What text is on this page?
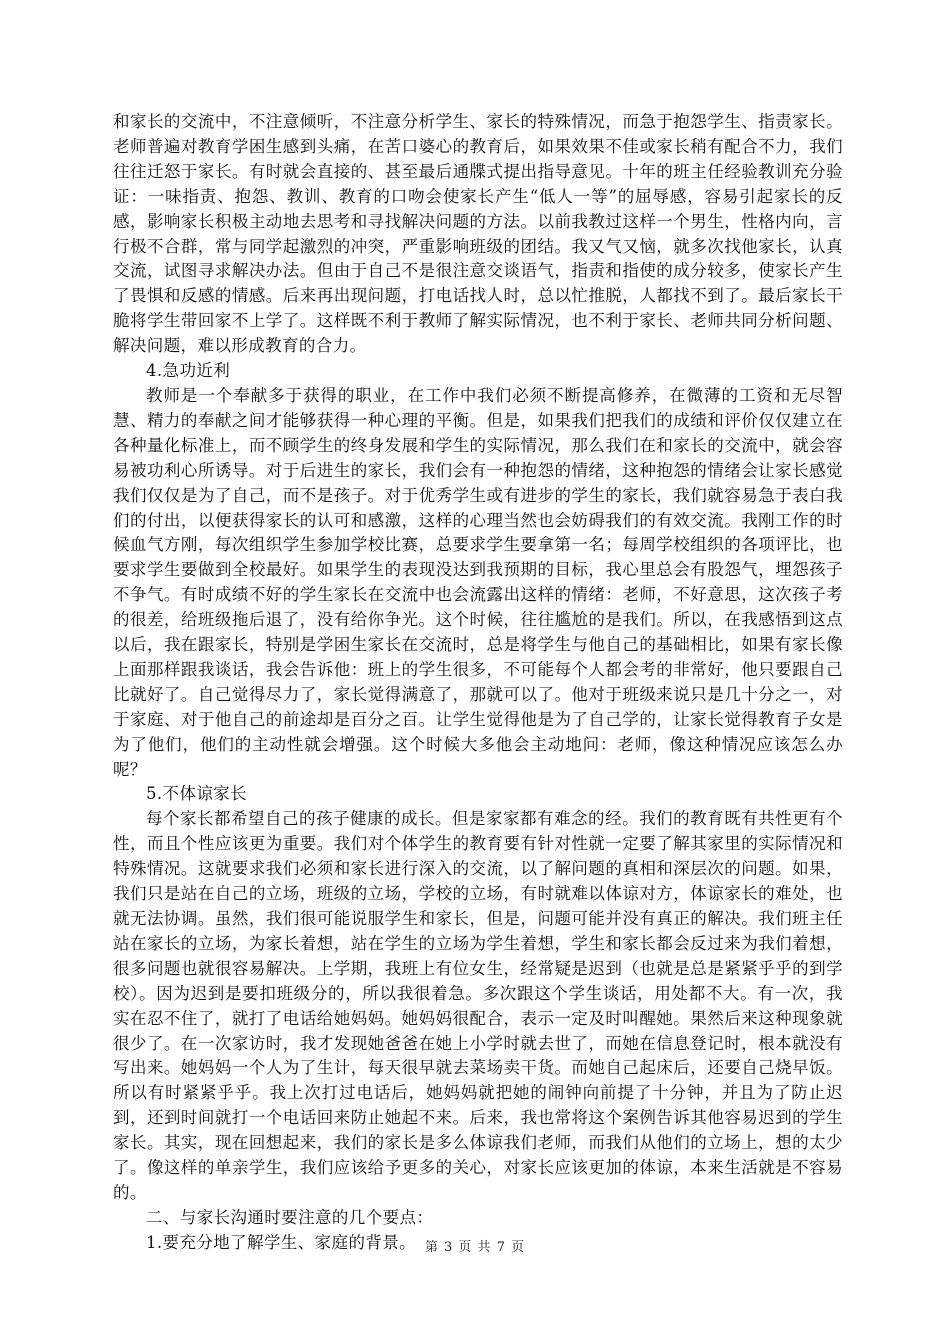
和家长的交流中，不注意倾听，不注意分析学生、家长的特殊情况，而急于抱怨学生、指责家长。老师普遍对教育学困生感到头痛，在苦口婆心的教育后，如果效果不佳或家长稍有配合不力，我们往往迁怒于家长。有时就会直接的、甚至最后通牒式提出指导意见。十年的班主任经验教训充分验证：一味指责、抱怨、教训、教育的口吻会使家长产生“低人一等”的屈辱感，容易引起家长的反感，影响家长积极主动地去思考和寻找解决问题的方法。以前我教过这样一个男生，性格内向，言行极不合群，常与同学起激烈的冲突，严重影响班级的团结。我又气又恼，就多次找他家长，认真交流，试图寻求解决办法。但由于自己不是很注意交谈语气，指责和指使的成分较多，使家长产生了畏惧和反感的情感。后来再出现问题，打电话找人时，总以忙推脱，人都找不到了。最后家长干脆将学生带回家不上学了。这样既不利于教师了解实际情况，也不利于家长、老师共同分析问题、解决问题，难以形成教育的合力。

4.急功近利

教师是一个奉献多于获得的职业，在工作中我们必须不断提高修养，在微薄的工资和无尽智慧、精力的奉献之间才能够获得一种心理的平衡。但是，如果我们把我们的成绩和评价仅仅建立在各种量化标准上，而不顾学生的终身发展和学生的实际情况，那么我们在和家长的交流中，就会容易被功利心所诱导。对于后进生的家长，我们会有一种抱怨的情绪，这种抱怨的情绪会让家长感觉我们仅仅是为了自己，而不是孩子。对于优秀学生或有进步的学生的家长，我们就容易急于表白我们的付出，以便获得家长的认可和感激，这样的心理当然也会妨碍我们的有效交流。我刚工作的时候血气方刚，每次组织学生参加学校比赛，总要求学生要拿第一名；每周学校组织的各项评比，也要求学生要做到全校最好。如果学生的表现没达到我预期的目标，我心里总会有股怨气，埋怨孩子不争气。有时成绩不好的学生家长在交流中也会流露出这样的情绪：老师，不好意思，这次孩子考的很差，给班级拖后退了，没有给你争光。这个时候，往往尴尬的是我们。所以，在我感悟到这点以后，我在跟家长，特别是学困生家长在交流时，总是将学生与他自己的基础相比，如果有家长像上面那样跟我谈话，我会告诉他：班上的学生很多，不可能每个人都会考的非常好，他只要跟自己比就好了。自己觉得尽力了，家长觉得满意了，那就可以了。他对于班级来说只是几十分之一，对于家庭、对于他自己的前途却是百分之百。让学生觉得他是为了自己学的，让家长觉得教育子女是为了他们，他们的主动性就会增强。这个时候大多他会主动地问：老师，像这种情况应该怎么办呢？

5.不体谅家长

每个家长都希望自己的孩子健康的成长。但是家家都有难念的经。我们的教育既有共性更有个性，而且个性应该更为重要。我们对个体学生的教育要有针对性就一定要了解其家里的实际情况和特殊情况。这就要求我们必须和家长进行深入的交流，以了解问题的真相和深层次的问题。如果，我们只是站在自己的立场，班级的立场，学校的立场，有时就难以体谅对方，体谅家长的难处，也就无法协调。虽然，我们很可能说服学生和家长，但是，问题可能并没有真正的解决。我们班主任站在家长的立场，为家长着想，站在学生的立场为学生着想，学生和家长都会反过来为我们着想，很多问题也就很容易解决。上学期，我班上有位女生，经常疑是迟到（也就是总是紧紧乎乎的到学校）。因为迟到是要扣班级分的，所以我很着急。多次跟这个学生谈话，用处都不大。有一次，我实在忍不住了，就打了电话给她妈妈。她妈妈很配合，表示一定及时叫醒她。果然后来这种现象就很少了。在一次家访时，我才发现她爸爸在她上小学时就去世了，而她在信息登记时，根本就没有写出来。她妈妈一个人为了生计，每天很早就去菜场卖干货。而她自己起床后，还要自己烧早饭。所以有时紧紧乎乎。我上次打过电话后，她妈妈就把她的闹钟向前提了十分钟，并且为了防止迟到，还到时间就打一个电话回来防止她起不来。后来，我也常将这个案例告诉其他容易迟到的学生家长。其实，现在回想起来，我们的家长是多么体谅我们老师，而我们从他们的立场上，想的太少了。像这样的单亲学生，我们应该给予更多的关心，对家长应该更加的体谅，本来生活就是不容易的。

二、与家长沟通时要注意的几个要点：

1.要充分地了解学生、家庭的背景。 第 3 页 共 7 页
